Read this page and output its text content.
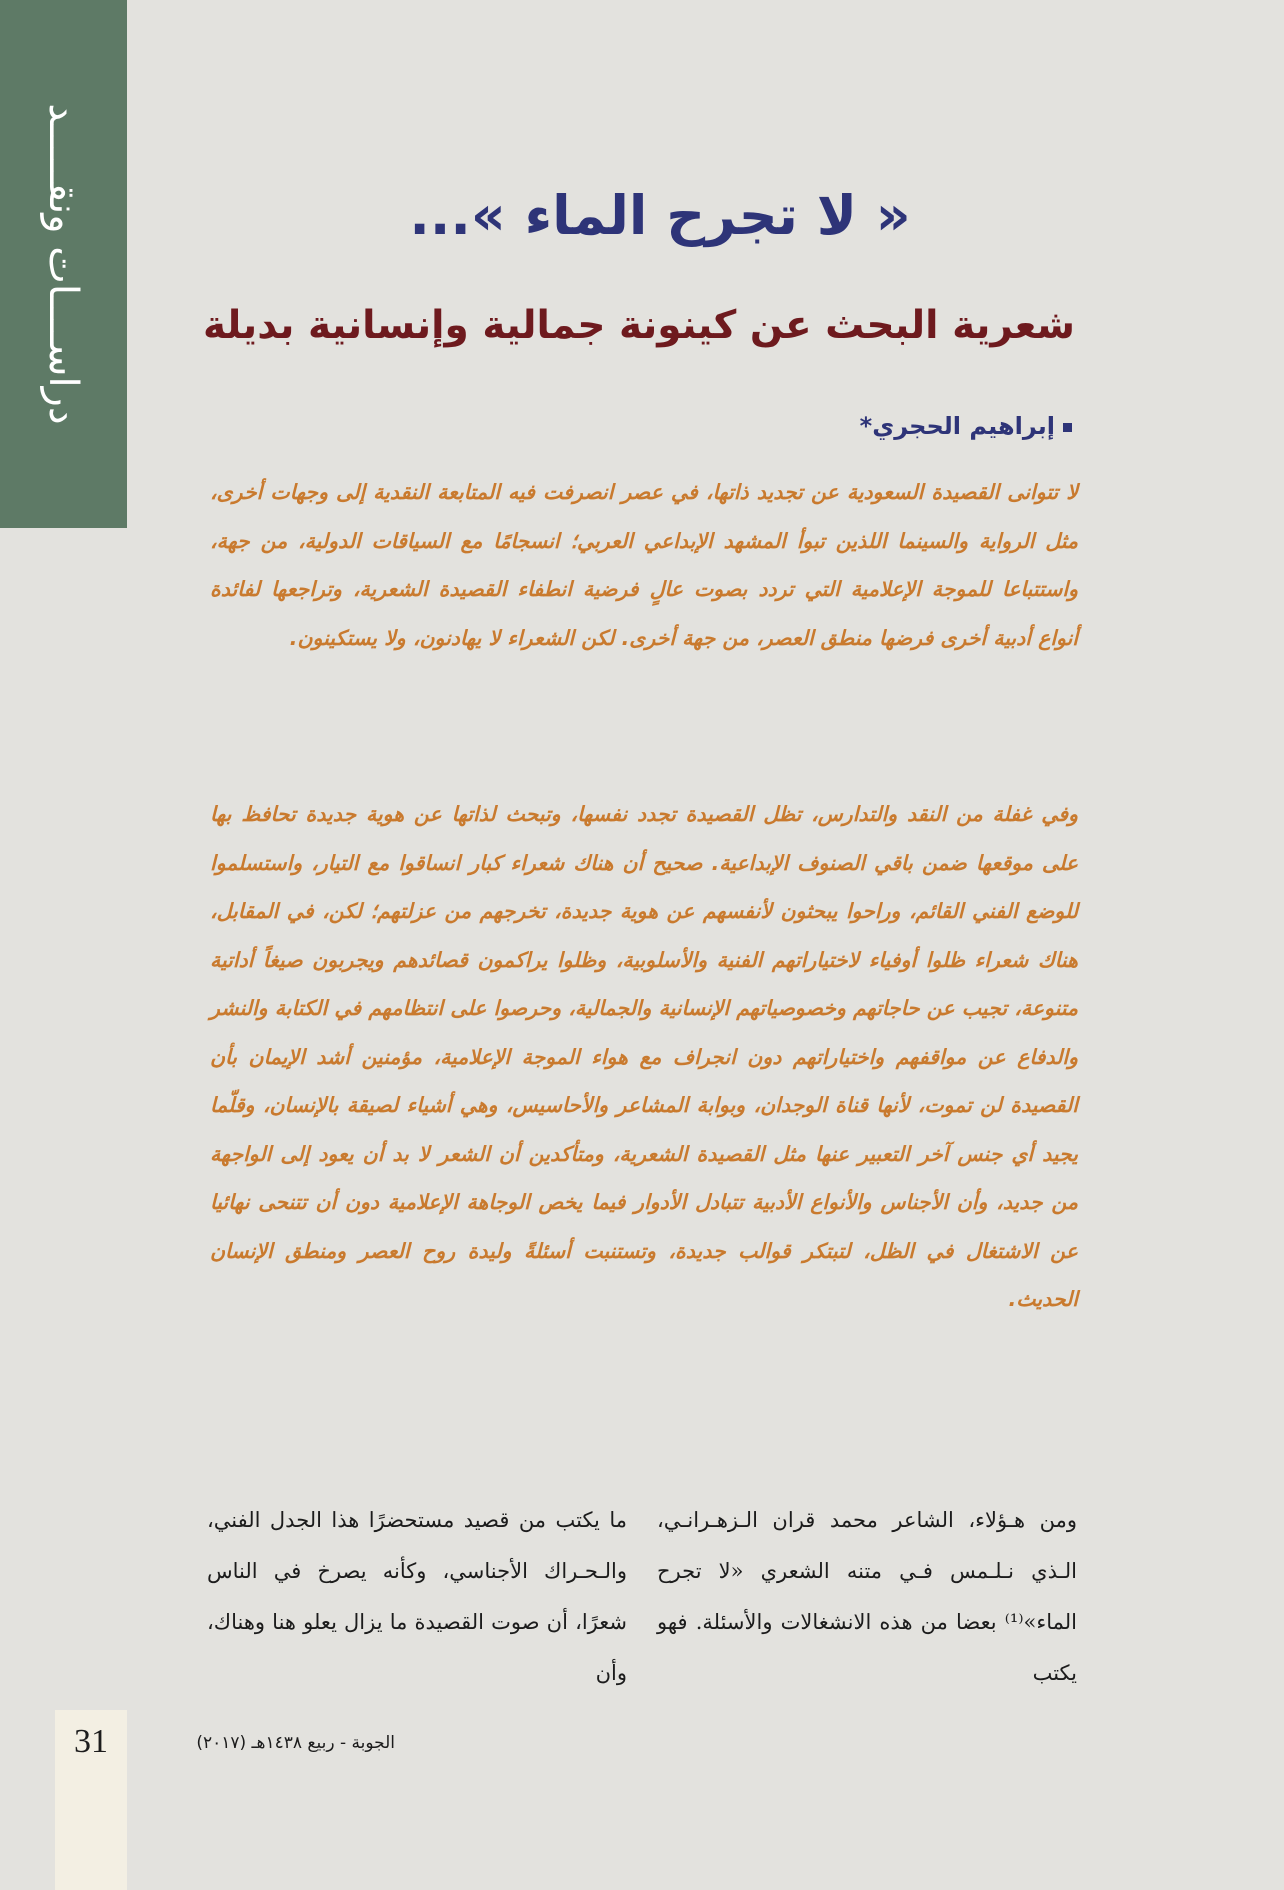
دراســــات ونقـــــد	« لا تجرح الماء »...
شعرية البحث عن كينونة جمالية وإنسانية بديلة
إبراهيم الحجري*

لا تتوانى القصيدة السعودية عن تجديد ذاتها، في عصر انصرفت فيه المتابعة النقدية إلى وجهات أخرى، مثل الرواية والسينما اللذين تبوأ المشهد الإبداعي العربي؛ انسجامًا مع السياقات الدولية، من جهة، واستتباعا للموجة الإعلامية التي تردد بصوت عالٍ فرضية انطفاء القصيدة الشعرية، وتراجعها لفائدة أنواع أدبية أخرى فرضها منطق العصر، من جهة أخرى. لكن الشعراء لا يهادنون، ولا يستكينون.

وفي غفلة من النقد والتدارس، تظل القصيدة تجدد نفسها، وتبحث لذاتها عن هوية جديدة تحافظ بها على موقعها ضمن باقي الصنوف الإبداعية. صحيح أن هناك شعراء كبار انساقوا مع التيار، واستسلموا للوضع الفني القائم، وراحوا يبحثون لأنفسهم عن هوية جديدة، تخرجهم من عزلتهم؛ لكن، في المقابل، هناك شعراء ظلوا أوفياء لاختياراتهم الفنية والأسلوبية، وظلوا يراكمون قصائدهم ويجربون صيغاً أداتية متنوعة، تجيب عن حاجاتهم وخصوصياتهم الإنسانية والجمالية، وحرصوا على انتظامهم في الكتابة والنشر والدفاع عن مواقفهم واختياراتهم دون انجراف مع هواء الموجة الإعلامية، مؤمنين أشد الإيمان بأن القصيدة لن تموت، لأنها قناة الوجدان، وبوابة المشاعر والأحاسيس، وهي أشياء لصيقة بالإنسان، وقلّما يجيد أي جنس آخر التعبير عنها مثل القصيدة الشعرية، ومتأكدين أن الشعر لا بد أن يعود إلى الواجهة من جديد، وأن الأجناس والأنواع الأدبية تتبادل الأدوار فيما يخص الوجاهة الإعلامية دون أن تتنحى نهائيا عن الاشتغال في الظل، لتبتكر قوالب جديدة، وتستنبت أسئلةً وليدة روح العصر ومنطق الإنسان الحديث.

ومن هـؤلاء، الشاعر محمد قران الـزهـرانـي، الـذي نـلـمس فـي متنه الشعري «لا تجرح الماء»⁽¹⁾ بعضا من هذه الانشغالات والأسئلة. فهو يكتب

ما يكتب من قصيد مستحضرًا هذا الجدل الفني، والـحـراك الأجناسي، وكأنه يصرخ في الناس شعرًا، أن صوت القصيدة ما يزال يعلو هنا وهناك، وأن

31	الجوبة - ربيع ١٤٣٨هـ (٢٠١٧)
